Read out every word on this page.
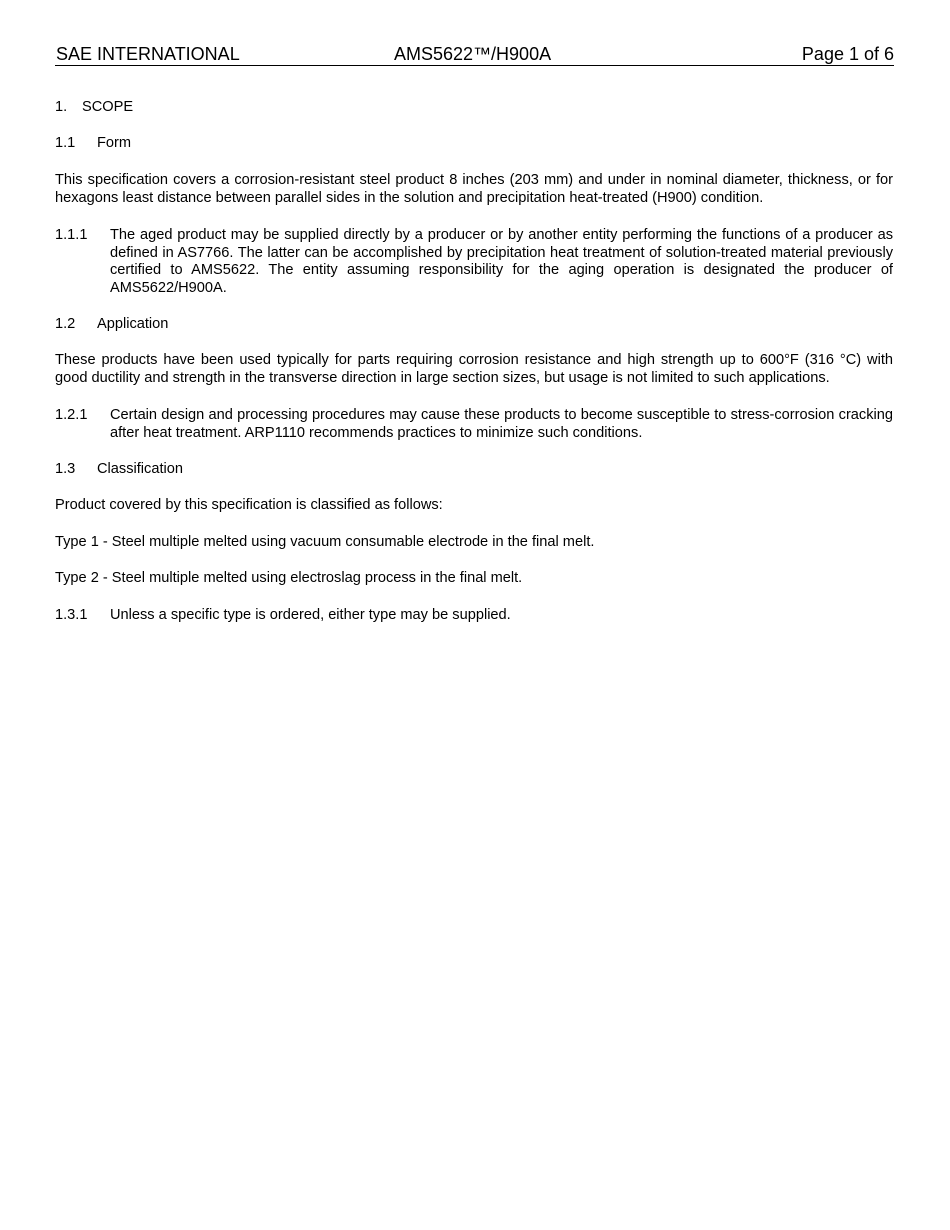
SAE INTERNATIONAL	AMS5622™/H900A	Page 1 of 6
1. SCOPE
1.1 Form
This specification covers a corrosion-resistant steel product 8 inches (203 mm) and under in nominal diameter, thickness, or for hexagons least distance between parallel sides in the solution and precipitation heat-treated (H900) condition.
1.1.1 The aged product may be supplied directly by a producer or by another entity performing the functions of a producer as defined in AS7766. The latter can be accomplished by precipitation heat treatment of solution-treated material previously certified to AMS5622. The entity assuming responsibility for the aging operation is designated the producer of AMS5622/H900A.
1.2 Application
These products have been used typically for parts requiring corrosion resistance and high strength up to 600°F (316 °C) with good ductility and strength in the transverse direction in large section sizes, but usage is not limited to such applications.
1.2.1 Certain design and processing procedures may cause these products to become susceptible to stress-corrosion cracking after heat treatment. ARP1110 recommends practices to minimize such conditions.
1.3 Classification
Product covered by this specification is classified as follows:
Type 1 - Steel multiple melted using vacuum consumable electrode in the final melt.
Type 2 - Steel multiple melted using electroslag process in the final melt.
1.3.1 Unless a specific type is ordered, either type may be supplied.
